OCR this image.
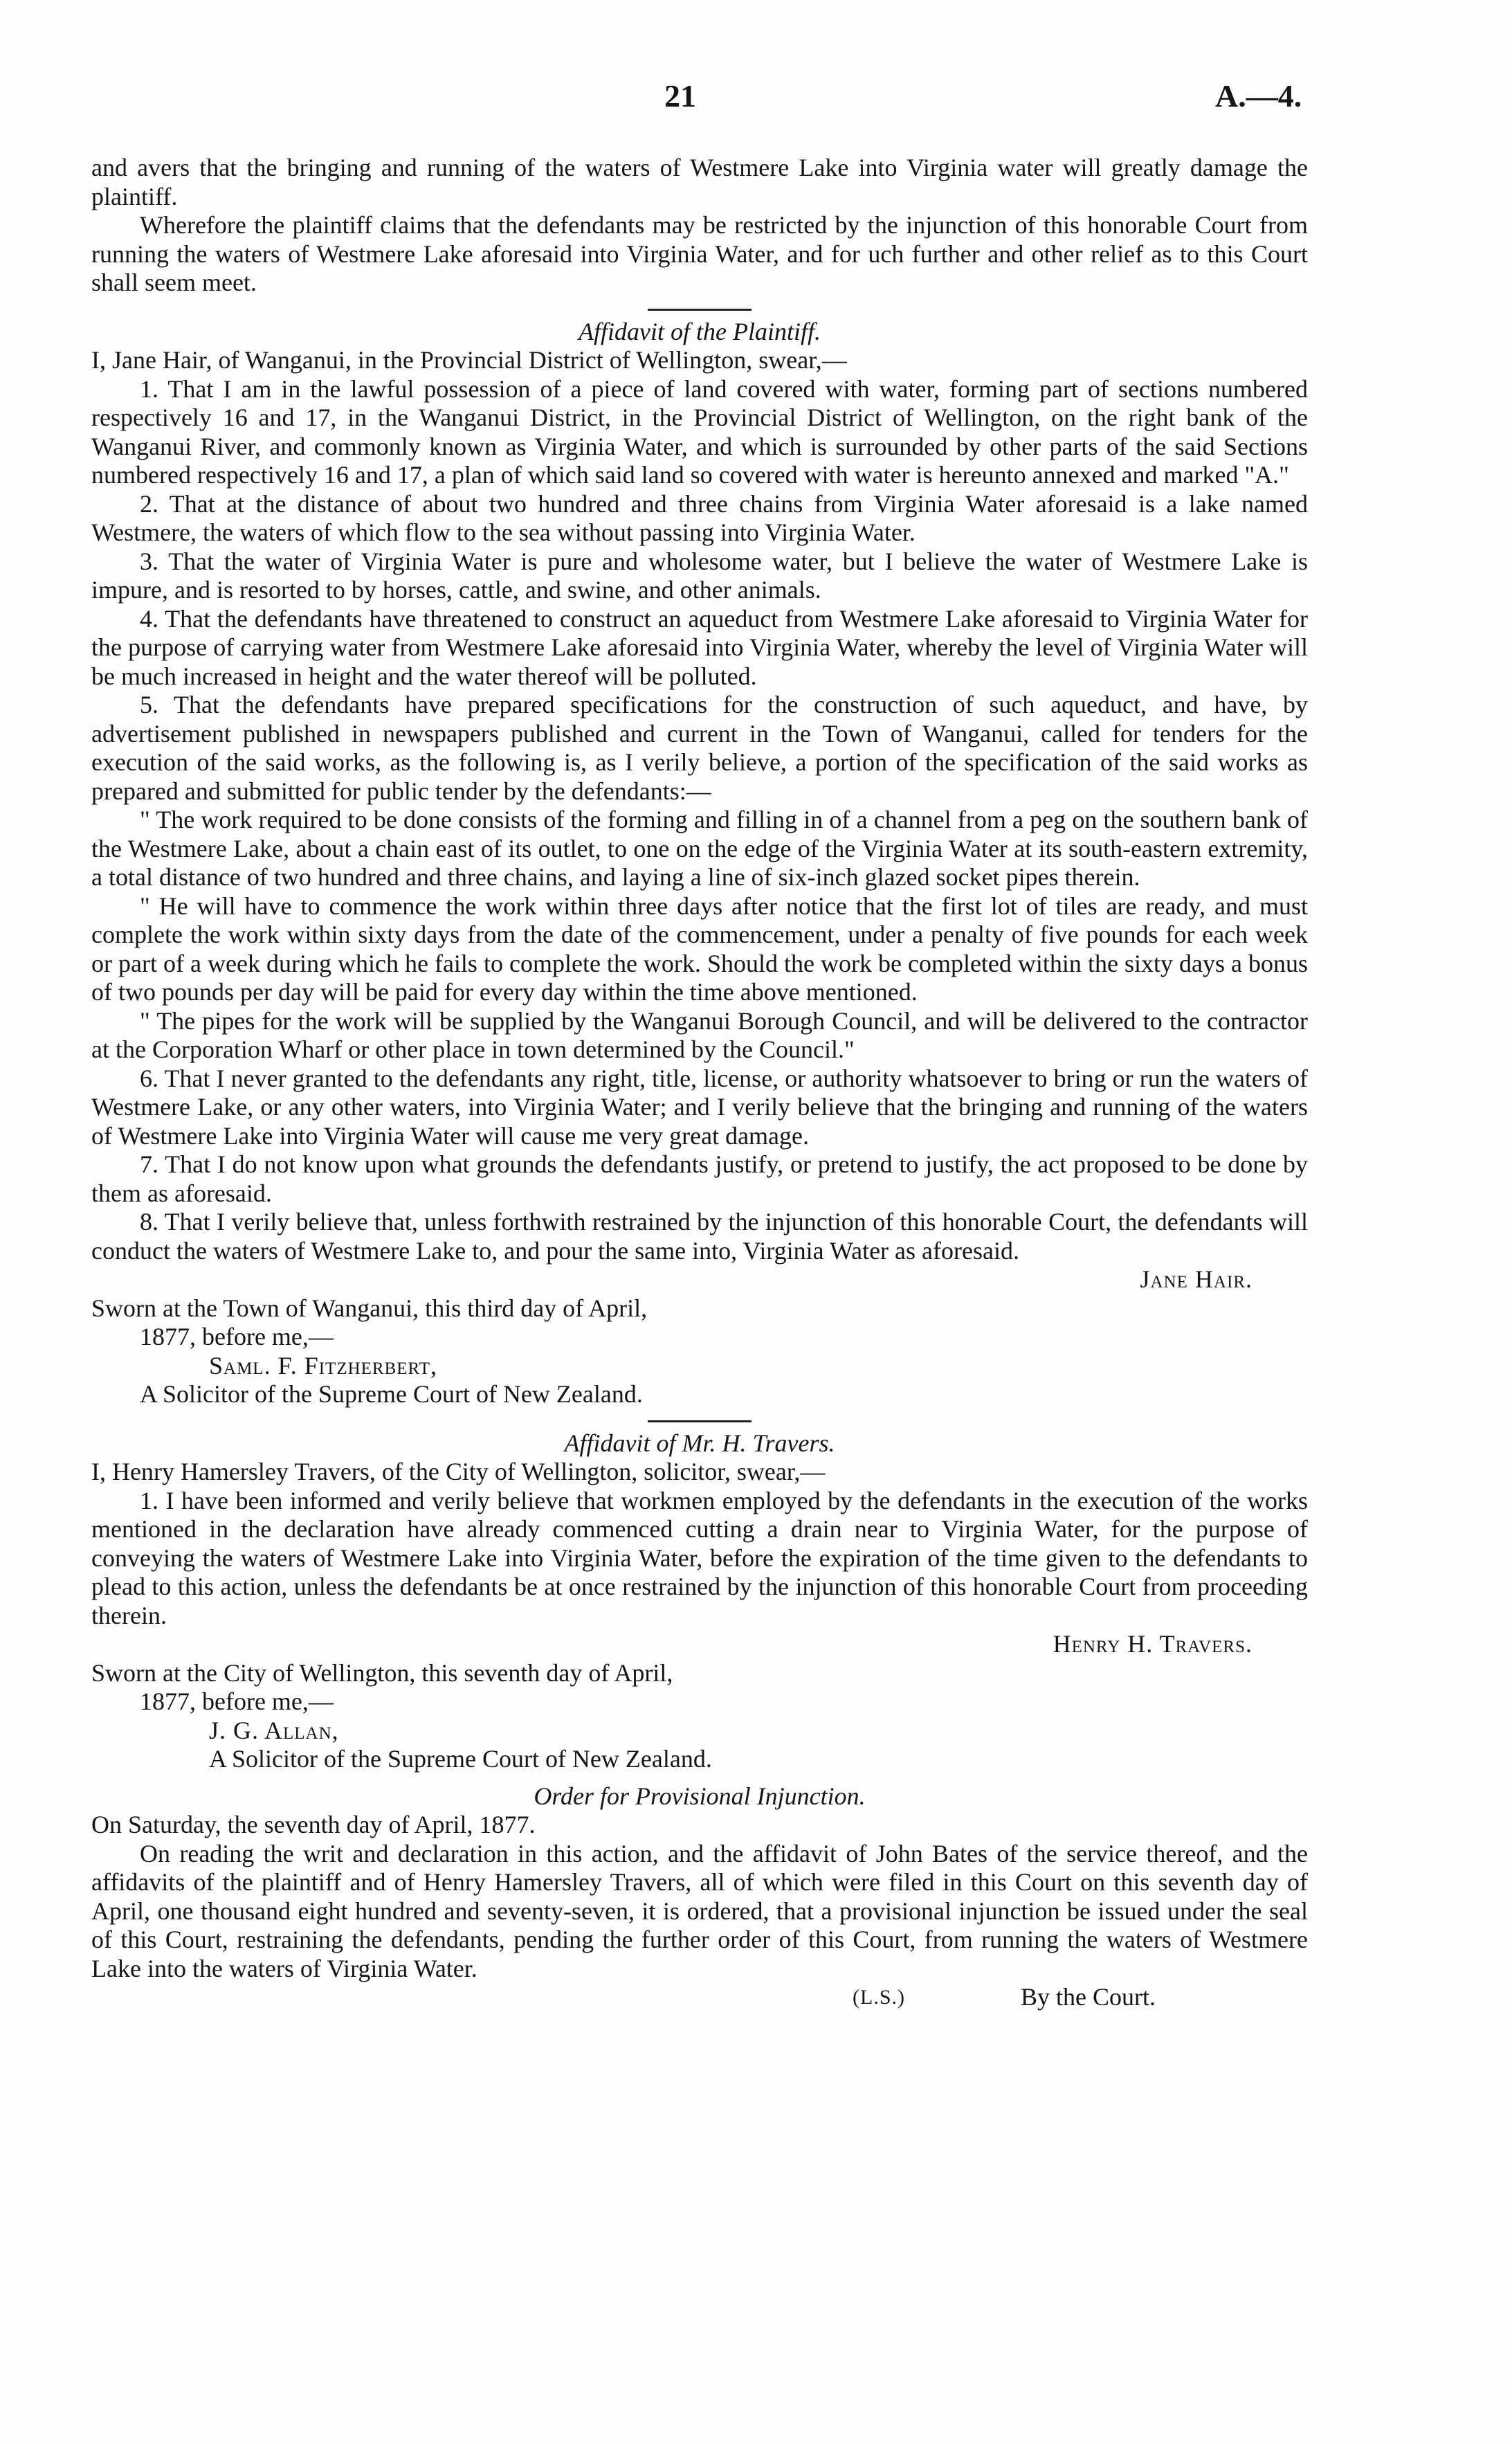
21	A.—4.

and avers that the bringing and running of the waters of Westmere Lake into Virginia water will greatly damage the plaintiff.

Wherefore the plaintiff claims that the defendants may be restricted by the injunction of this honorable Court from running the waters of Westmere Lake aforesaid into Virginia Water, and for uch further and other relief as to this Court shall seem meet.

Affidavit of the Plaintiff.

I, Jane Hair, of Wanganui, in the Provincial District of Wellington, swear,—

1. That I am in the lawful possession of a piece of land covered with water, forming part of sections numbered respectively 16 and 17, in the Wanganui District, in the Provincial District of Wellington, on the right bank of the Wanganui River, and commonly known as Virginia Water, and which is surrounded by other parts of the said Sections numbered respectively 16 and 17, a plan of which said land so covered with water is hereunto annexed and marked "A."

2. That at the distance of about two hundred and three chains from Virginia Water aforesaid is a lake named Westmere, the waters of which flow to the sea without passing into Virginia Water.

3. That the water of Virginia Water is pure and wholesome water, but I believe the water of Westmere Lake is impure, and is resorted to by horses, cattle, and swine, and other animals.

4. That the defendants have threatened to construct an aqueduct from Westmere Lake aforesaid to Virginia Water for the purpose of carrying water from Westmere Lake aforesaid into Virginia Water, whereby the level of Virginia Water will be much increased in height and the water thereof will be polluted.

5. That the defendants have prepared specifications for the construction of such aqueduct, and have, by advertisement published in newspapers published and current in the Town of Wanganui, called for tenders for the execution of the said works, as the following is, as I verily believe, a portion of the specification of the said works as prepared and submitted for public tender by the defendants:—

" The work required to be done consists of the forming and filling in of a channel from a peg on the southern bank of the Westmere Lake, about a chain east of its outlet, to one on the edge of the Virginia Water at its south-eastern extremity, a total distance of two hundred and three chains, and laying a line of six-inch glazed socket pipes therein.

" He will have to commence the work within three days after notice that the first lot of tiles are ready, and must complete the work within sixty days from the date of the commencement, under a penalty of five pounds for each week or part of a week during which he fails to complete the work. Should the work be completed within the sixty days a bonus of two pounds per day will be paid for every day within the time above mentioned.

" The pipes for the work will be supplied by the Wanganui Borough Council, and will be delivered to the contractor at the Corporation Wharf or other place in town determined by the Council."

6. That I never granted to the defendants any right, title, license, or authority whatsoever to bring or run the waters of Westmere Lake, or any other waters, into Virginia Water; and I verily believe that the bringing and running of the waters of Westmere Lake into Virginia Water will cause me very great damage.

7. That I do not know upon what grounds the defendants justify, or pretend to justify, the act proposed to be done by them as aforesaid.

8. That I verily believe that, unless forthwith restrained by the injunction of this honorable Court, the defendants will conduct the waters of Westmere Lake to, and pour the same into, Virginia Water as aforesaid.

Jane Hair.

Sworn at the Town of Wanganui, this third day of April,

1877, before me,—

Saml. F. Fitzherbert,

A Solicitor of the Supreme Court of New Zealand.

Affidavit of Mr. H. Travers.

I, Henry Hamersley Travers, of the City of Wellington, solicitor, swear,—

1. I have been informed and verily believe that workmen employed by the defendants in the execution of the works mentioned in the declaration have already commenced cutting a drain near to Virginia Water, for the purpose of conveying the waters of Westmere Lake into Virginia Water, before the expiration of the time given to the defendants to plead to this action, unless the defendants be at once restrained by the injunction of this honorable Court from proceeding therein.

Henry H. Travers.

Sworn at the City of Wellington, this seventh day of April,

1877, before me,—

J. G. Allan,

A Solicitor of the Supreme Court of New Zealand.

Order for Provisional Injunction.

On Saturday, the seventh day of April, 1877.

On reading the writ and declaration in this action, and the affidavit of John Bates of the service thereof, and the affidavits of the plaintiff and of Henry Hamersley Travers, all of which were filed in this Court on this seventh day of April, one thousand eight hundred and seventy-seven, it is ordered, that a provisional injunction be issued under the seal of this Court, restraining the defendants, pending the further order of this Court, from running the waters of Westmere Lake into the waters of Virginia Water.

(L.S.)	By the Court.
